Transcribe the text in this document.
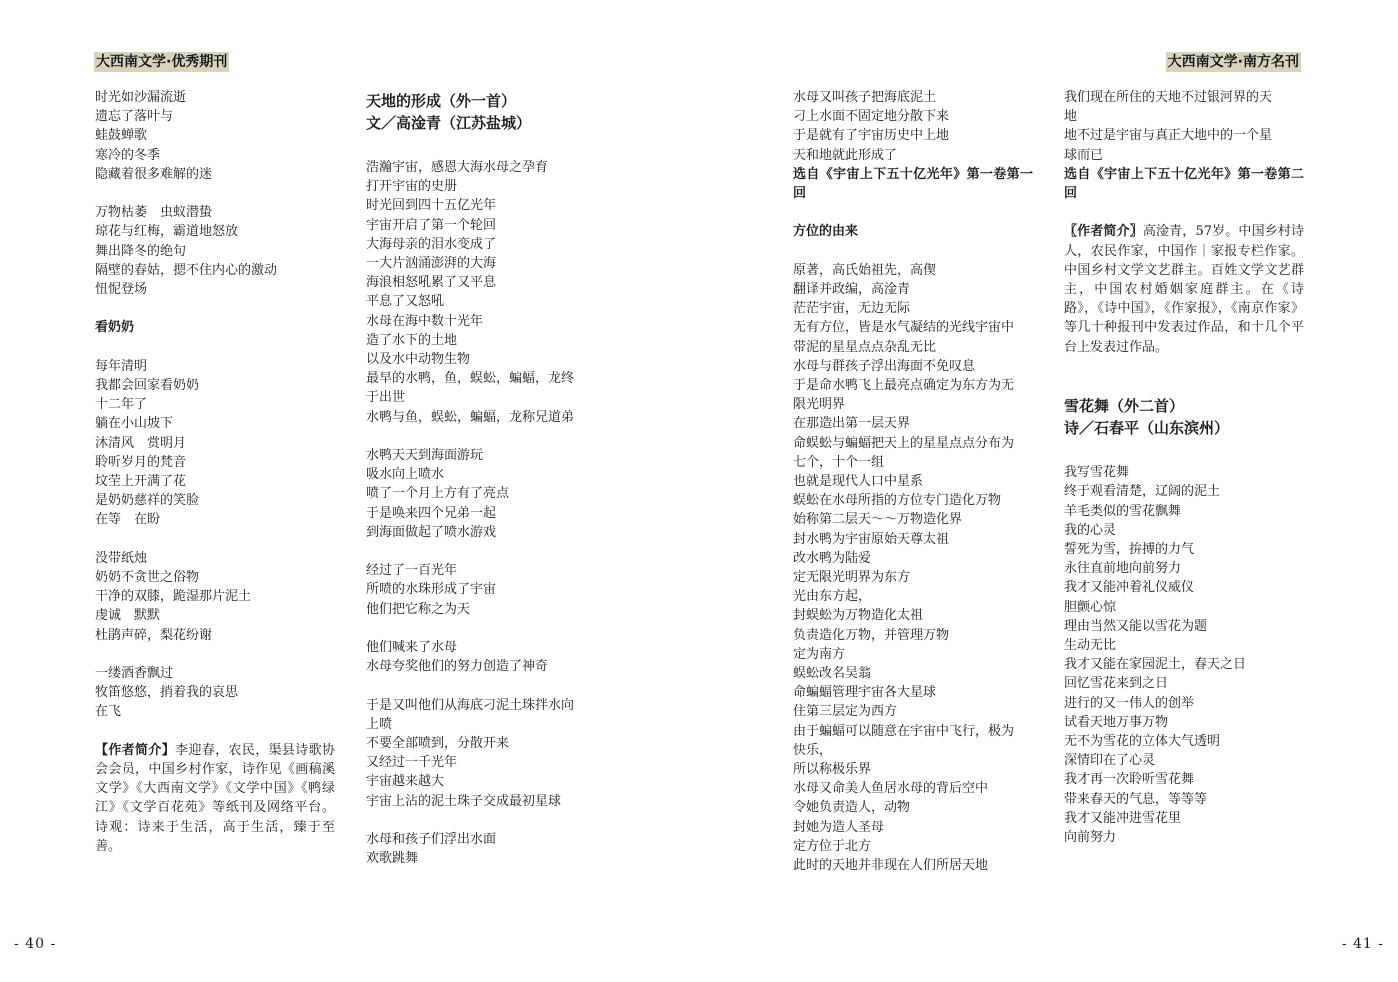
大西南文学·优秀期刊	大西南文学·南方名刊
时光如沙漏流逝
遗忘了落叶与
蛙鼓蝉歌
寒冷的冬季
隐藏着很多难解的迷
万物枯萎　虫蚁潜蛰
琼花与红梅，霸道地怒放
舞出降冬的绝句
隔壁的春姑，摁不住内心的激动
忸怩登场
看奶奶
每年清明
我都会回家看奶奶
十二年了
躺在小山坡下
沐清风　赏明月
聆听岁月的梵音
坟茔上开满了花
是奶奶慈祥的笑脸
在等　在盼
没带纸烛
奶奶不贪世之俗物
干净的双膝，跪湿那片泥土
虔诚　默默
杜鹃声碎，梨花纷谢
一缕酒香飘过
牧笛悠悠，捎着我的哀思
在飞
【作者简介】李迎春，农民，渠县诗歌协会会员，中国乡村作家，诗作见《画稿溪文学》《大西南文学》《文学中国》《鸭绿江》《文学百花苑》等纸刊及网络平台。诗观：诗来于生活，高于生活，臻于至善。
天地的形成（外一首）
文／高淦青（江苏盐城）
浩瀚宇宙，感恩大海水母之孕育
打开宇宙的史册
时光回到四十五亿光年
宇宙开启了第一个轮回
大海母亲的泪水变成了
一大片汹涌澎湃的大海
海浪相怒吼累了又平息
平息了又怒吼
水母在海中数十光年
造了水下的土地
以及水中动物生物
最早的水鸭，鱼，蜈蚣，蝙蝠，龙终
于出世
水鸭与鱼，蜈蚣，蝙蝠，龙称兄道弟
水鸭天天到海面游玩
吸水向上喷水
喷了一个月上方有了亮点
于是唤来四个兄弟一起
到海面做起了喷水游戏
经过了一百光年
所喷的水珠形成了宇宙
他们把它称之为天
他们喊来了水母
水母夸奖他们的努力创造了神奇
于是又叫他们从海底刁泥土珠拌水向
上喷
不要全部喷到，分散开来
又经过一千光年
宇宙越来越大
宇宙上沾的泥土珠子交成最初星球
水母和孩子们浮出水面
欢歌跳舞
水母又叫孩子把海底泥土
刁上水面不固定地分散下来
于是就有了宇宙历史中上地
天和地就此形成了
选自《宇宙上下五十亿光年》第一卷第一回
方位的由来
原著，高氏始祖先，高偰
翻译并政编，高淦青
茫茫宇宙，无边无际
无有方位，皆是水气凝结的光线宇宙中
带泥的星星点点杂乱无比
水母与群孩子浮出海面不免叹息
于是命水鸭飞上最亮点确定为东方为无
限光明界
在那造出第一层天界
命蜈蚣与蝙蝠把天上的星星点点分布为
七个，十个一组
也就是现代人口中星系
蜈蚣在水母所指的方位专门造化万物
始称第二层天～～万物造化界
封水鸭为宇宙原始天尊太祖
改水鸭为陆爱
定无限光明界为东方
光由东方起，
封蜈蚣为万物造化太祖
负责造化万物，并管理万物
定为南方
蜈蚣改名吴翁
命蝙蝠管理宇宙各大星球
住第三层定为西方
由于蝙蝠可以随意在宇宙中飞行，极为
快乐，
所以称极乐界
水母又命美人鱼居水母的背后空中
令她负责造人，动物
封她为造人圣母
定方位于北方
此时的天地并非现在人们所居天地
我们现在所住的天地不过银河界的天
地
地不过是宇宙与真正大地中的一个星
球而已
选自《宇宙上下五十亿光年》第一卷第二回
〖作者简介〗高淦青，57岁。中国乡村诗人，农民作家，中国作｜家报专栏作家。中国乡村文学文艺群主。百姓文学文艺群主，中国农村婚姻家庭群主。在《诗路》，《诗中国》，《作家报》，《南京作家》等几十种报刊中发表过作品，和十几个平台上发表过作品。
雪花舞（外二首）
诗／石春平（山东滨州）
我写雪花舞
终于观看清楚，辽阔的泥土
羊毛类似的雪花飘舞
我的心灵
誓死为雪，拚搏的力气
永往直前地向前努力
我才又能冲着礼仪威仪
胆颤心惊
理由当然又能以雪花为题
生动无比
我才又能在家园泥土，春天之日
回忆雪花来到之日
进行的又一伟人的创举
试看天地万事万物
无不为雪花的立体大气透明
深情印在了心灵
我才再一次聆听雪花舞
带来春天的气息，等等等
我才又能冲进雪花里
向前努力
- 40 -	- 41 -
